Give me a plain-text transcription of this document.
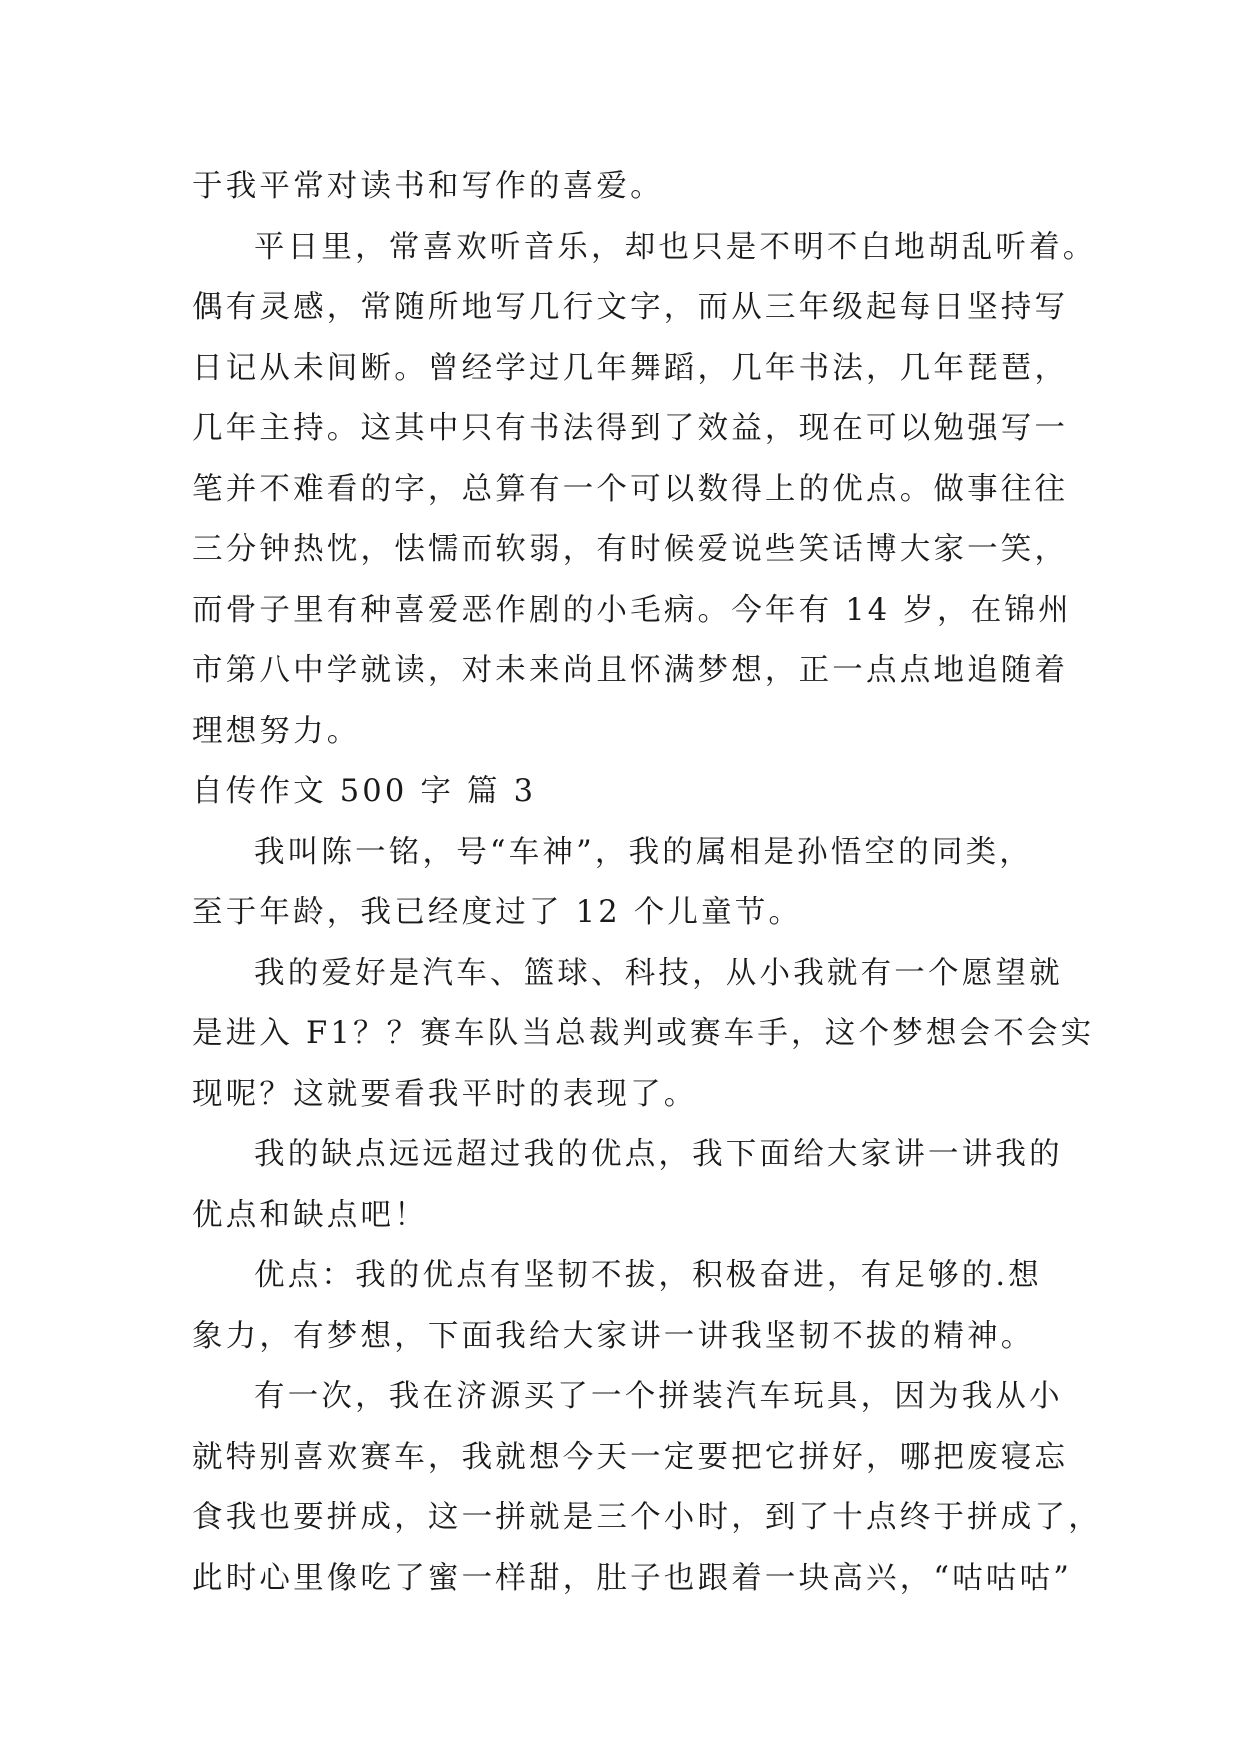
于我平常对读书和写作的喜爱。
平日里，常喜欢听音乐，却也只是不明不白地胡乱听着。
偶有灵感，常随所地写几行文字，而从三年级起每日坚持写
日记从未间断。曾经学过几年舞蹈，几年书法，几年琵琶，
几年主持。这其中只有书法得到了效益，现在可以勉强写一
笔并不难看的字，总算有一个可以数得上的优点。做事往往
三分钟热忱，怯懦而软弱，有时候爱说些笑话博大家一笑，
而骨子里有种喜爱恶作剧的小毛病。今年有 14 岁，在锦州
市第八中学就读，对未来尚且怀满梦想，正一点点地追随着
理想努力。
自传作文 500 字 篇 3
我叫陈一铭，号“车神”，我的属相是孙悟空的同类，
至于年龄，我已经度过了 12 个儿童节。
我的爱好是汽车、篮球、科技，从小我就有一个愿望就
是进入 F1？？赛车队当总裁判或赛车手，这个梦想会不会实
现呢？这就要看我平时的表现了。
我的缺点远远超过我的优点，我下面给大家讲一讲我的
优点和缺点吧！
优点：我的优点有坚韧不拔，积极奋进，有足够的.想
象力，有梦想，下面我给大家讲一讲我坚韧不拔的精神。
有一次，我在济源买了一个拼装汽车玩具，因为我从小
就特别喜欢赛车，我就想今天一定要把它拼好，哪把废寝忘
食我也要拼成，这一拼就是三个小时，到了十点终于拼成了，
此时心里像吃了蜜一样甜，肚子也跟着一块高兴，“咕咕咕”
